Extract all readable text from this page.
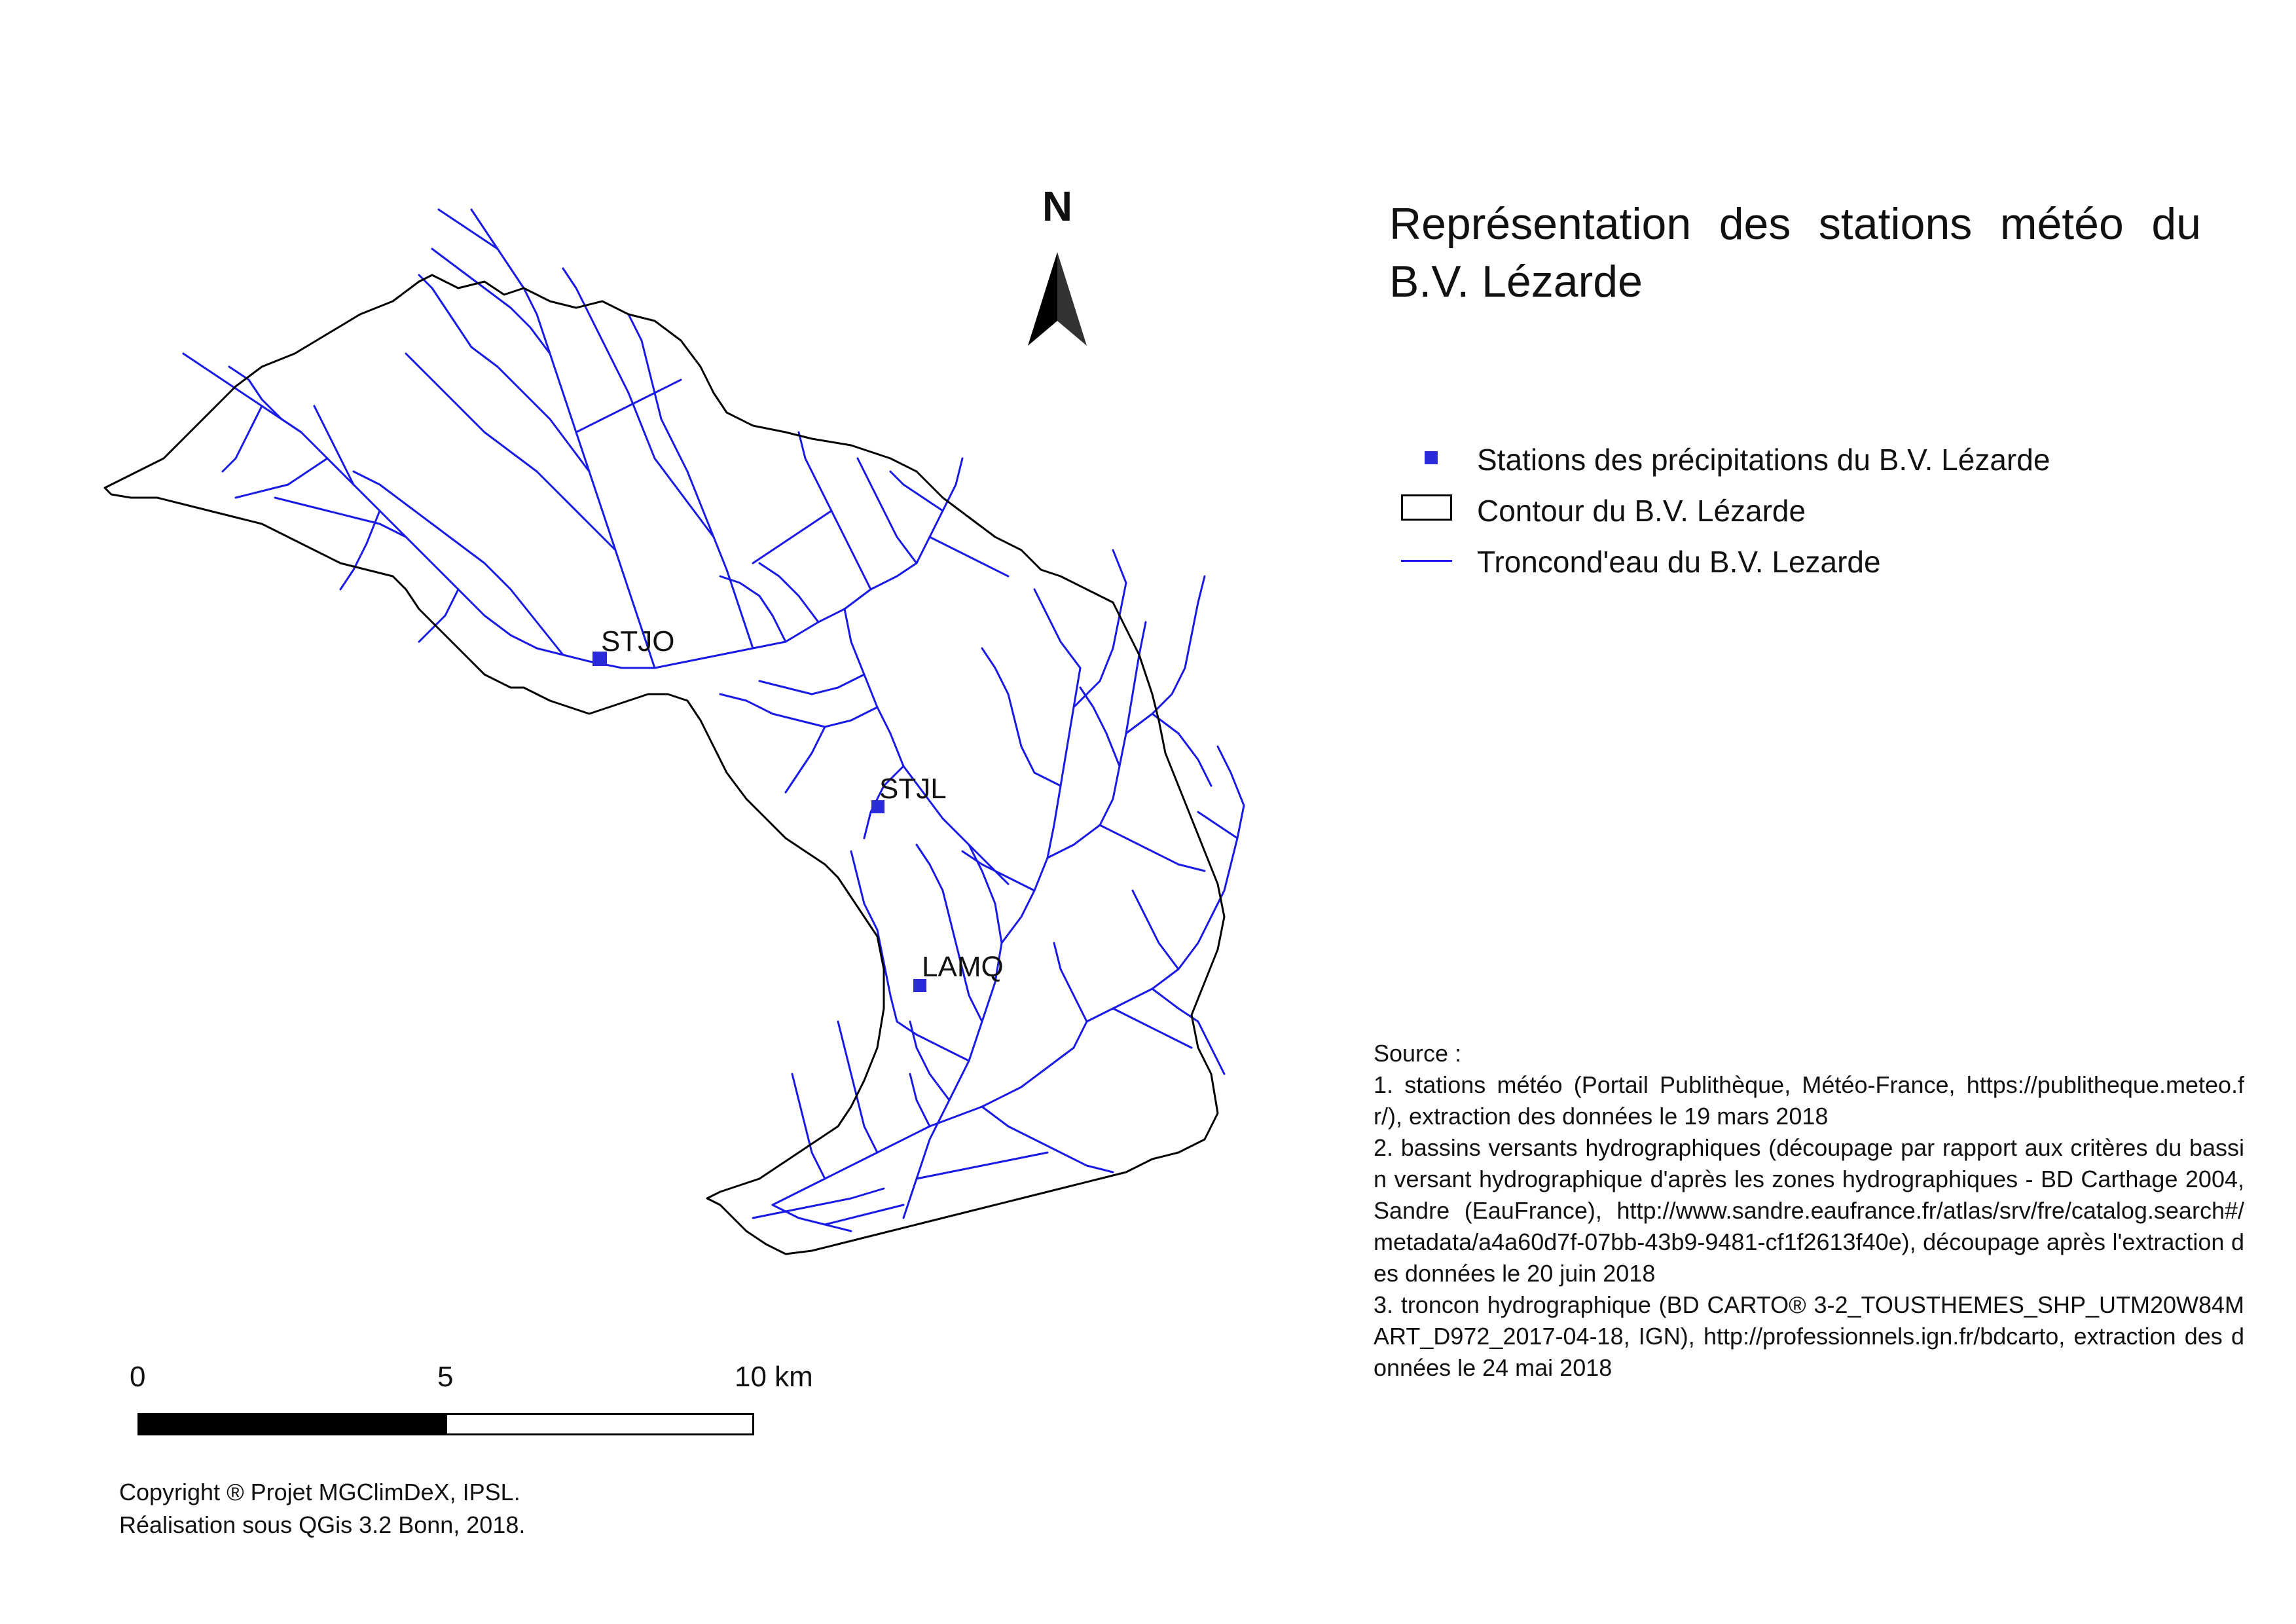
N	Représentation des stations météo du B.V. Lézarde
Stations des précipitations du B.V. Lézarde
Contour du B.V. Lézarde
Troncond'eau du B.V. Lezarde
STJO
STJL
LAMQ
0	5	10 km
Copyright ® Projet MGClimDeX, IPSL.
Réalisation sous QGis 3.2 Bonn, 2018.

Source :

1. stations météo (Portail Publithèque, Météo-France, https://publitheque.meteo.fr/), extraction des données le 19 mars 2018

2. bassins versants hydrographiques (découpage par rapport aux critères du bassin versant hydrographique d'après les zones hydrographiques - BD Carthage 2004, Sandre (EauFrance), http://www.sandre.eaufrance.fr/atlas/srv/fre/catalog.search#/metadata/a4a60d7f-07bb-43b9-9481-cf1f2613f40e), découpage après l'extraction des données le 20 juin 2018

3. troncon hydrographique (BD CARTO® 3-2_TOUSTHEMES_SHP_UTM20W84MART_D972_2017-04-18, IGN), http://professionnels.ign.fr/bdcarto, extraction des données le 24 mai 2018
